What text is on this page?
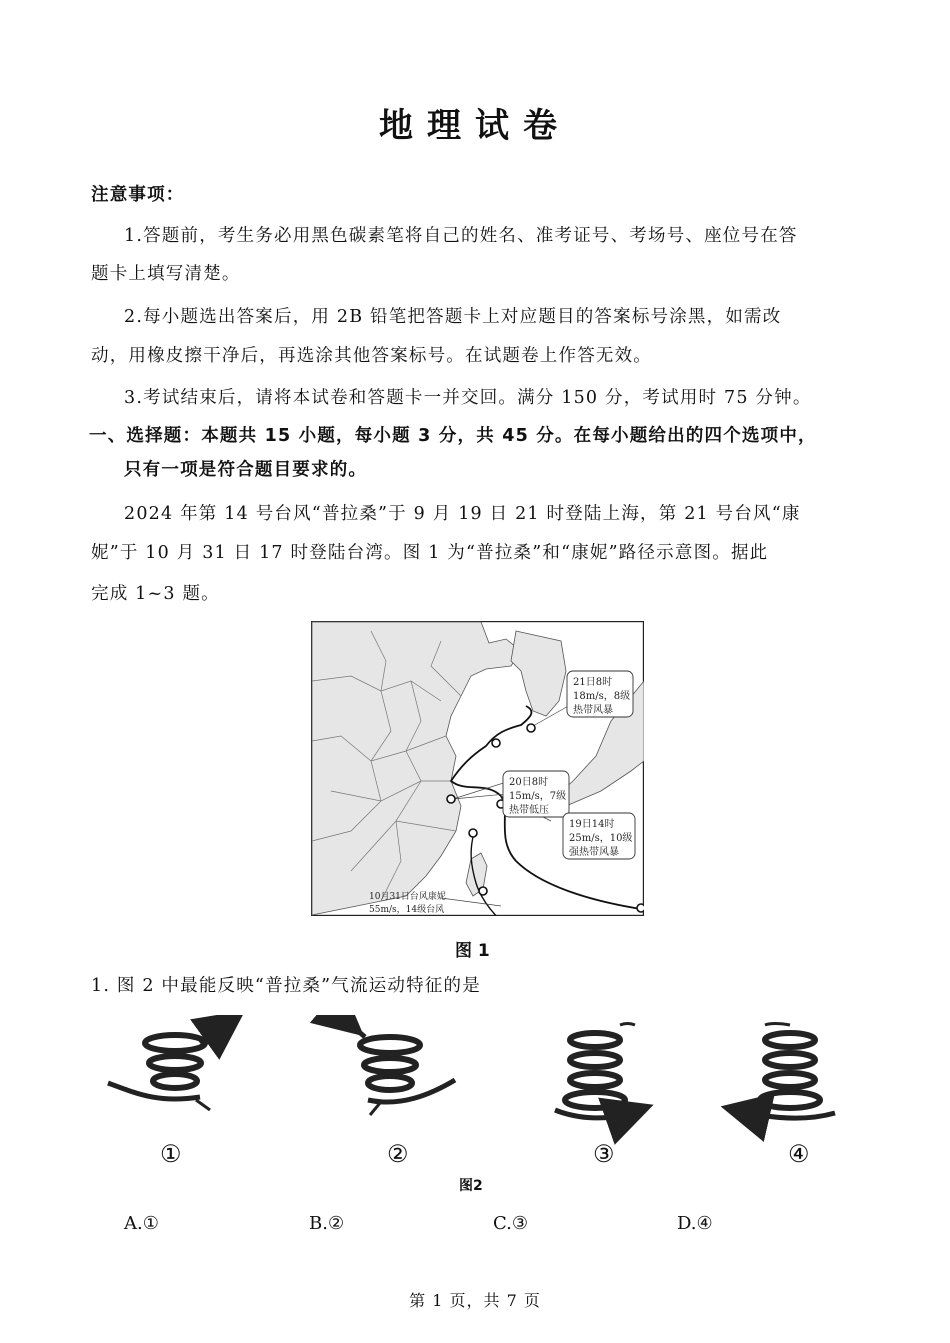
地理试卷
注意事项：
1.答题前，考生务必用黑色碳素笔将自己的姓名、准考证号、考场号、座位号在答
题卡上填写清楚。
2.每小题选出答案后，用 2B 铅笔把答题卡上对应题目的答案标号涂黑，如需改
动，用橡皮擦干净后，再选涂其他答案标号。在试题卷上作答无效。
3.考试结束后，请将本试卷和答题卡一并交回。满分 150 分，考试用时 75 分钟。
一、选择题：本题共 15 小题，每小题 3 分，共 45 分。在每小题给出的四个选项中，
只有一项是符合题目要求的。
2024 年第 14 号台风“普拉桑”于 9 月 19 日 21 时登陆上海，第 21 号台风“康
妮”于 10 月 31 日 17 时登陆台湾。图 1 为“普拉桑”和“康妮”路径示意图。据此
完成 1~3 题。
21日8时
18m/s，8级
热带风暴
20日8时
15m/s，7级
热带低压
19日14时
25m/s，10级
强热带风暴
10月31日台风康妮
55m/s，14级台风
图 1
1. 图 2 中最能反映“普拉桑”气流运动特征的是
①	②	③	④
图2
A.①	B.②	C.③	D.④
第 1 页，共 7 页
